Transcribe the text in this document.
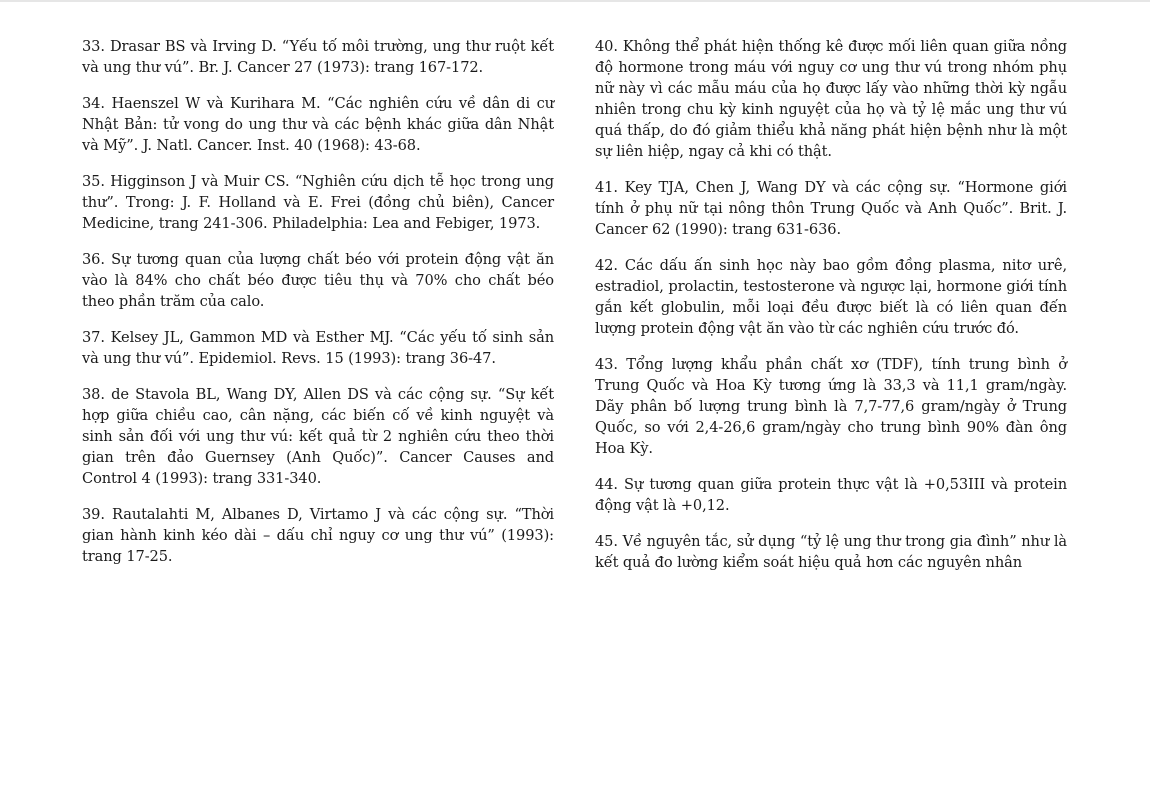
33. Drasar BS và Irving D. “Yếu tố môi trường, ung thư ruột kết và ung thư vú”. Br. J. Cancer 27 (1973): trang 167-172.

34. Haenszel W và Kurihara M. “Các nghiên cứu về dân di cư Nhật Bản: tử vong do ung thư và các bệnh khác giữa dân Nhật và Mỹ”. J. Natl. Cancer. Inst. 40 (1968): 43-68.

35. Higginson J và Muir CS. “Nghiên cứu dịch tễ học trong ung thư”. Trong: J. F. Holland và E. Frei (đồng chủ biên), Cancer Medicine, trang 241-306. Philadelphia: Lea and Febiger, 1973.

36. Sự tương quan của lượng chất béo với protein động vật ăn vào là 84% cho chất béo được tiêu thụ và 70% cho chất béo theo phần trăm của calo.

37. Kelsey JL, Gammon MD và Esther MJ. “Các yếu tố sinh sản và ung thư vú”. Epidemiol. Revs. 15 (1993): trang 36-47.

38. de Stavola BL, Wang DY, Allen DS và các cộng sự. “Sự kết hợp giữa chiều cao, cân nặng, các biến cố về kinh nguyệt và sinh sản đối với ung thư vú: kết quả từ 2 nghiên cứu theo thời gian trên đảo Guernsey (Anh Quốc)”. Cancer Causes and Control 4 (1993): trang 331-340.

39. Rautalahti M, Albanes D, Virtamo J và các cộng sự. “Thời gian hành kinh kéo dài – dấu chỉ nguy cơ ung thư vú” (1993): trang 17-25.

40. Không thể phát hiện thống kê được mối liên quan giữa nồng độ hormone trong máu với nguy cơ ung thư vú trong nhóm phụ nữ này vì các mẫu máu của họ được lấy vào những thời kỳ ngẫu nhiên trong chu kỳ kinh nguyệt của họ và tỷ lệ mắc ung thư vú quá thấp, do đó giảm thiểu khả năng phát hiện bệnh như là một sự liên hiệp, ngay cả khi có thật.

41. Key TJA, Chen J, Wang DY và các cộng sự. “Hormone giới tính ở phụ nữ tại nông thôn Trung Quốc và Anh Quốc”. Brit. J. Cancer 62 (1990): trang 631-636.

42. Các dấu ấn sinh học này bao gồm đồng plasma, nitơ urê, estradiol, prolactin, testosterone và ngược lại, hormone giới tính gắn kết globulin, mỗi loại đều được biết là có liên quan đến lượng protein động vật ăn vào từ các nghiên cứu trước đó.

43. Tổng lượng khẩu phần chất xơ (TDF), tính trung bình ở Trung Quốc và Hoa Kỳ tương ứng là 33,3 và 11,1 gram/ngày. Dãy phân bố lượng trung bình là 7,7-77,6 gram/ngày ở Trung Quốc, so với 2,4-26,6 gram/ngày cho trung bình 90% đàn ông Hoa Kỳ.

44. Sự tương quan giữa protein thực vật là +0,53III và protein động vật là +0,12.

45. Về nguyên tắc, sử dụng “tỷ lệ ung thư trong gia đình” như là kết quả đo lường kiểm soát hiệu quả hơn các nguyên nhân
